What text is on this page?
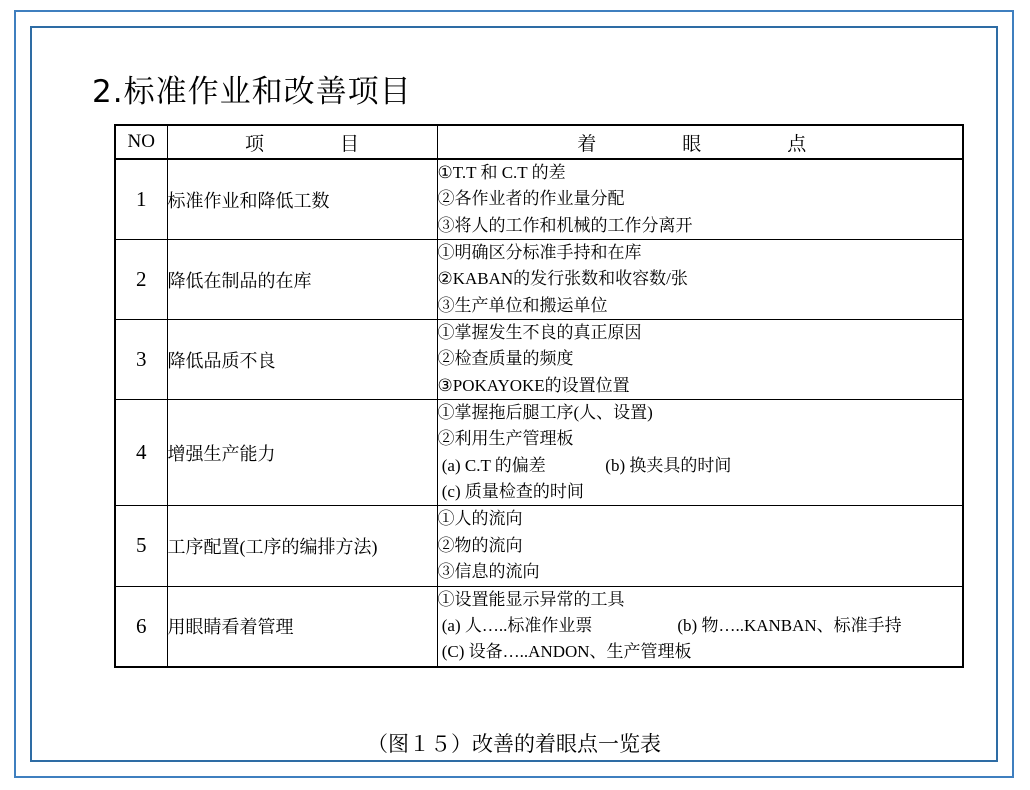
2.标准作业和改善项目
NO	项　　　　目	着　　眼　　点
1	标准作业和降低工数	①T.T 和 C.T 的差
②各作业者的作业量分配
③将人的工作和机械的工作分离开

2	降低在制品的在库	①明确区分标准手持和在库
②KABAN的发行张数和收容数/张
③生产单位和搬运单位

3	降低品质不良	①掌握发生不良的真正原因
②检查质量的频度
③POKAYOKE的设置位置

4	增强生产能力	①掌握拖后腿工序(人、设置)
②利用生产管理板
(a) C.T 的偏差              (b) 换夹具的时间
(c) 质量检查的时间

5	工序配置(工序的编排方法)	①人的流向
②物的流向
③信息的流向

6	用眼睛看着管理	①设置能显示异常的工具
(a) 人…..标准作业票                    (b) 物…..KANBAN、标准手持
(C) 设备…..ANDON、生产管理板
（图１５）改善的着眼点一览表
